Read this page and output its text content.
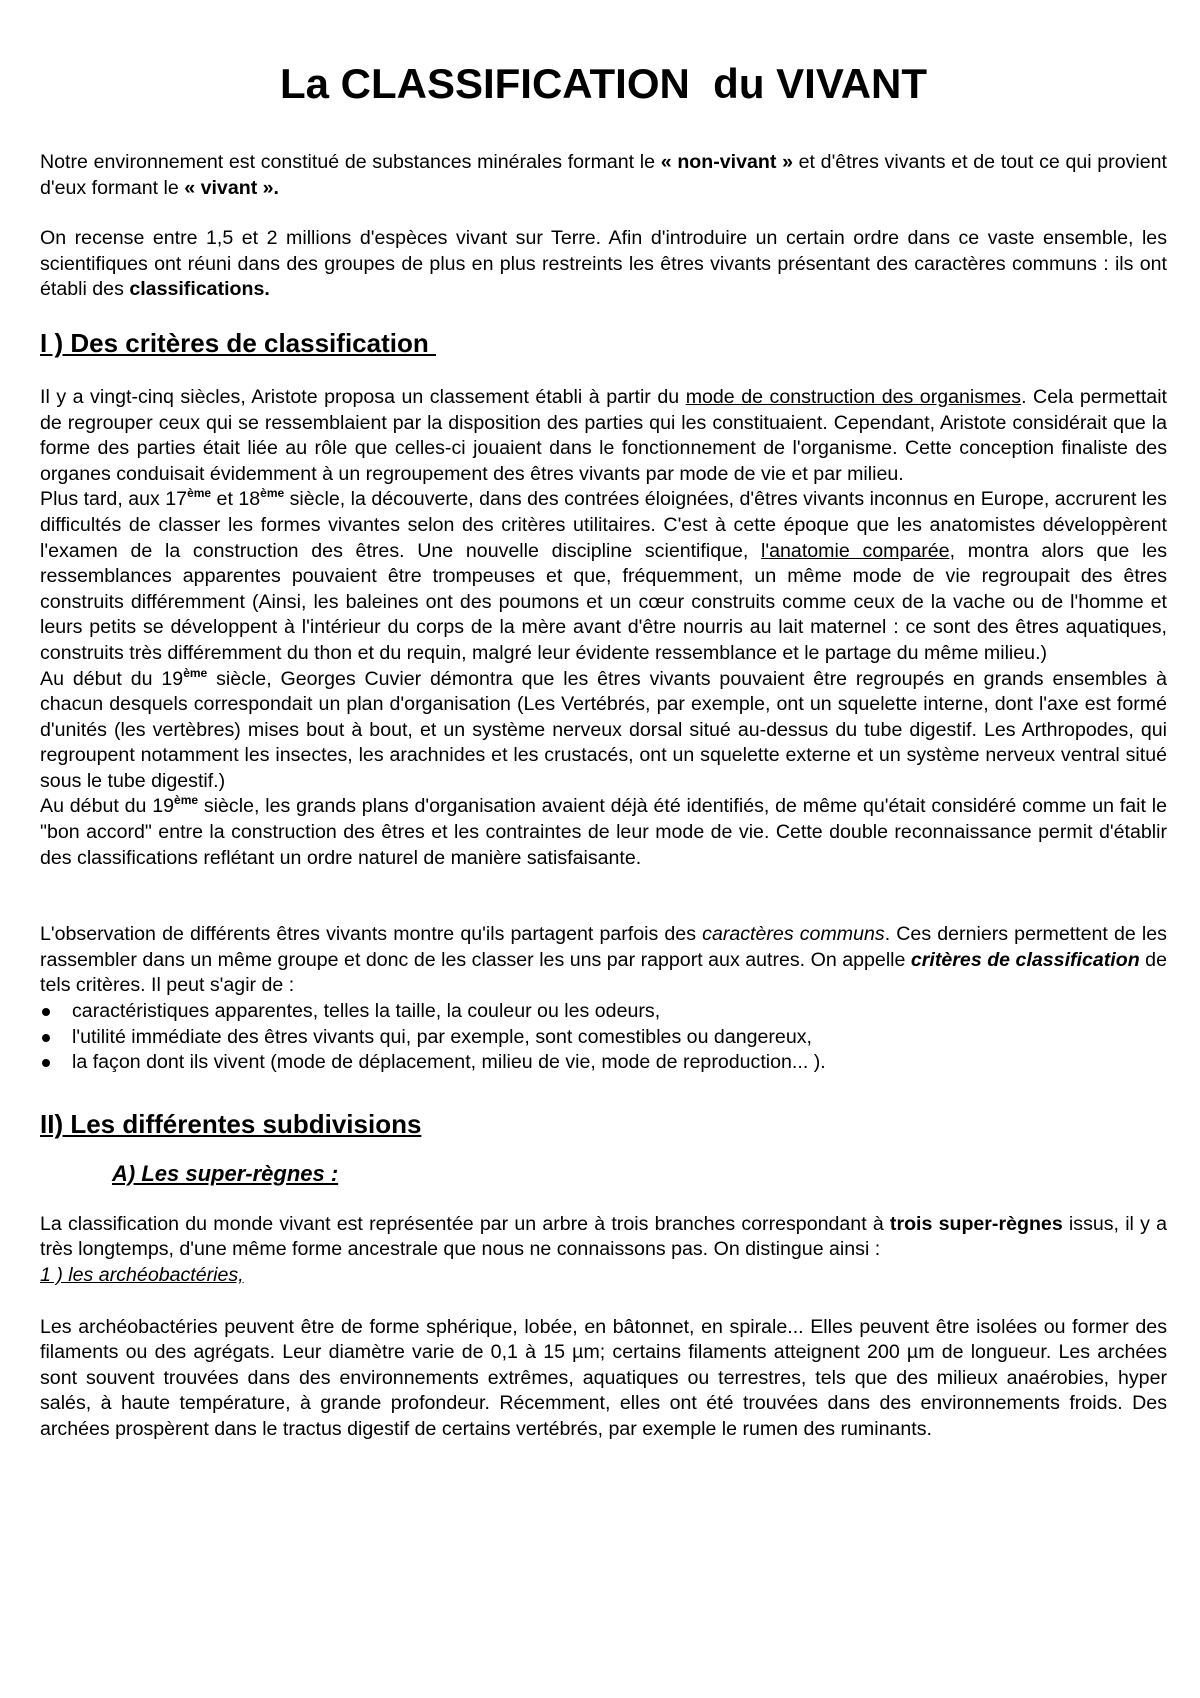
La CLASSIFICATION  du VIVANT

Notre environnement est constitué de substances minérales formant le « non-vivant » et d'êtres vivants et de tout ce qui provient d'eux formant le « vivant ».

On recense entre 1,5 et 2 millions d'espèces vivant sur Terre. Afin d'introduire un certain ordre dans ce vaste ensemble, les scientifiques ont réuni dans des groupes de plus en plus restreints les êtres vivants présentant des caractères communs : ils ont établi des classifications.

I ) Des critères de classification

Il y a vingt-cinq siècles, Aristote proposa un classement établi à partir du mode de construction des organismes. Cela permettait de regrouper ceux qui se ressemblaient par la disposition des parties qui les constituaient. Cependant, Aristote considérait que la forme des parties était liée au rôle que celles-ci jouaient dans le fonctionnement de l'organisme. Cette conception finaliste des organes conduisait évidemment à un regroupement des êtres vivants par mode de vie et par milieu.

Plus tard, aux 17ème et 18ème siècle, la découverte, dans des contrées éloignées, d'êtres vivants inconnus en Europe, accrurent les difficultés de classer les formes vivantes selon des critères utilitaires. C'est à cette époque que les anatomistes développèrent l'examen de la construction des êtres. Une nouvelle discipline scientifique, l'anatomie comparée, montra alors que les ressemblances apparentes pouvaient être trompeuses et que, fréquemment, un même mode de vie regroupait des êtres construits différemment (Ainsi, les baleines ont des poumons et un cœur construits comme ceux de la vache ou de l'homme et leurs petits se développent à l'intérieur du corps de la mère avant d'être nourris au lait maternel : ce sont des êtres aquatiques, construits très différemment du thon et du requin, malgré leur évidente ressemblance et le partage du même milieu.)

Au début du 19ème siècle, Georges Cuvier démontra que les êtres vivants pouvaient être regroupés en grands ensembles à chacun desquels correspondait un plan d'organisation (Les Vertébrés, par exemple, ont un squelette interne, dont l'axe est formé d'unités (les vertèbres) mises bout à bout, et un système nerveux dorsal situé au-dessus du tube digestif. Les Arthropodes, qui regroupent notamment les insectes, les arachnides et les crustacés, ont un squelette externe et un système nerveux ventral situé sous le tube digestif.)

Au début du 19ème siècle, les grands plans d'organisation avaient déjà été identifiés, de même qu'était considéré comme un fait le "bon accord" entre la construction des êtres et les contraintes de leur mode de vie. Cette double reconnaissance permit d'établir des classifications reflétant un ordre naturel de manière satisfaisante.

L'observation de différents êtres vivants montre qu'ils partagent parfois des caractères communs. Ces derniers permettent de les rassembler dans un même groupe et donc de les classer les uns par rapport aux autres. On appelle critères de classification de tels critères. Il peut s'agir de :

caractéristiques apparentes, telles la taille, la couleur ou les odeurs,
l'utilité immédiate des êtres vivants qui, par exemple, sont comestibles ou dangereux,
la façon dont ils vivent (mode de déplacement, milieu de vie, mode de reproduction... ).
II) Les différentes subdivisions
A) Les super-règnes :

La classification du monde vivant est représentée par un arbre à trois branches correspondant à trois super-règnes issus, il y a très longtemps, d'une même forme ancestrale que nous ne connaissons pas. On distingue ainsi :

1 ) les archéobactéries,

Les archéobactéries peuvent être de forme sphérique, lobée, en bâtonnet, en spirale... Elles peuvent être isolées ou former des filaments ou des agrégats. Leur diamètre varie de 0,1 à 15 µm; certains filaments atteignent 200 µm de longueur. Les archées sont souvent trouvées dans des environnements extrêmes, aquatiques ou terrestres, tels que des milieux anaérobies, hyper salés, à haute température, à grande profondeur. Récemment, elles ont été trouvées dans des environnements froids. Des archées prospèrent dans le tractus digestif de certains vertébrés, par exemple le rumen des ruminants.
